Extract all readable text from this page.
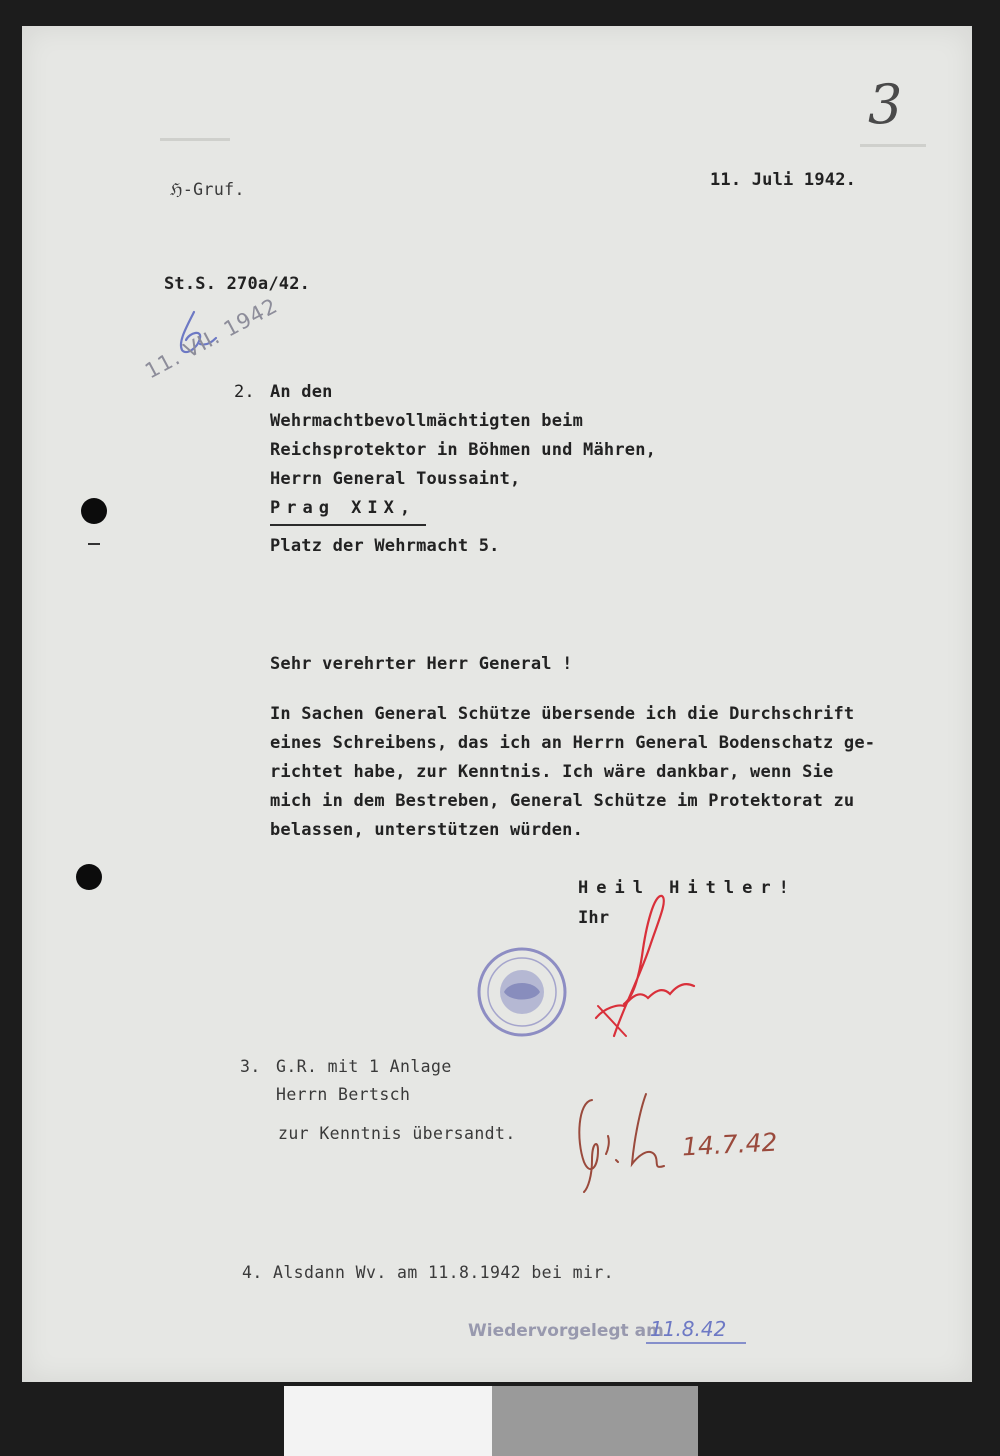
3
ℌ-Gruf.	11. Juli 1942.
St.S. 270a/42.
11. VII. 1942
2. An den
Wehrmachtbevollmächtigten beim
Reichsprotektor in Böhmen und Mähren,
Herrn General Toussaint,
Prag XIX,
Platz der Wehrmacht 5.
Sehr verehrter Herr General !
In Sachen General Schütze übersende ich die Durchschrift
eines Schreibens, das ich an Herrn General Bodenschatz ge-
richtet habe, zur Kenntnis. Ich wäre dankbar, wenn Sie
mich in dem Bestreben, General Schütze im Protektorat zu
belassen, unterstützen würden.
Heil Hitler!
Ihr
3. G.R. mit 1 Anlage
Herrn Bertsch
zur Kenntnis übersandt.	14.7.42
4. Alsdann Wv. am 11.8.1942 bei mir.
Wiedervorgelegt am
11.8.42
